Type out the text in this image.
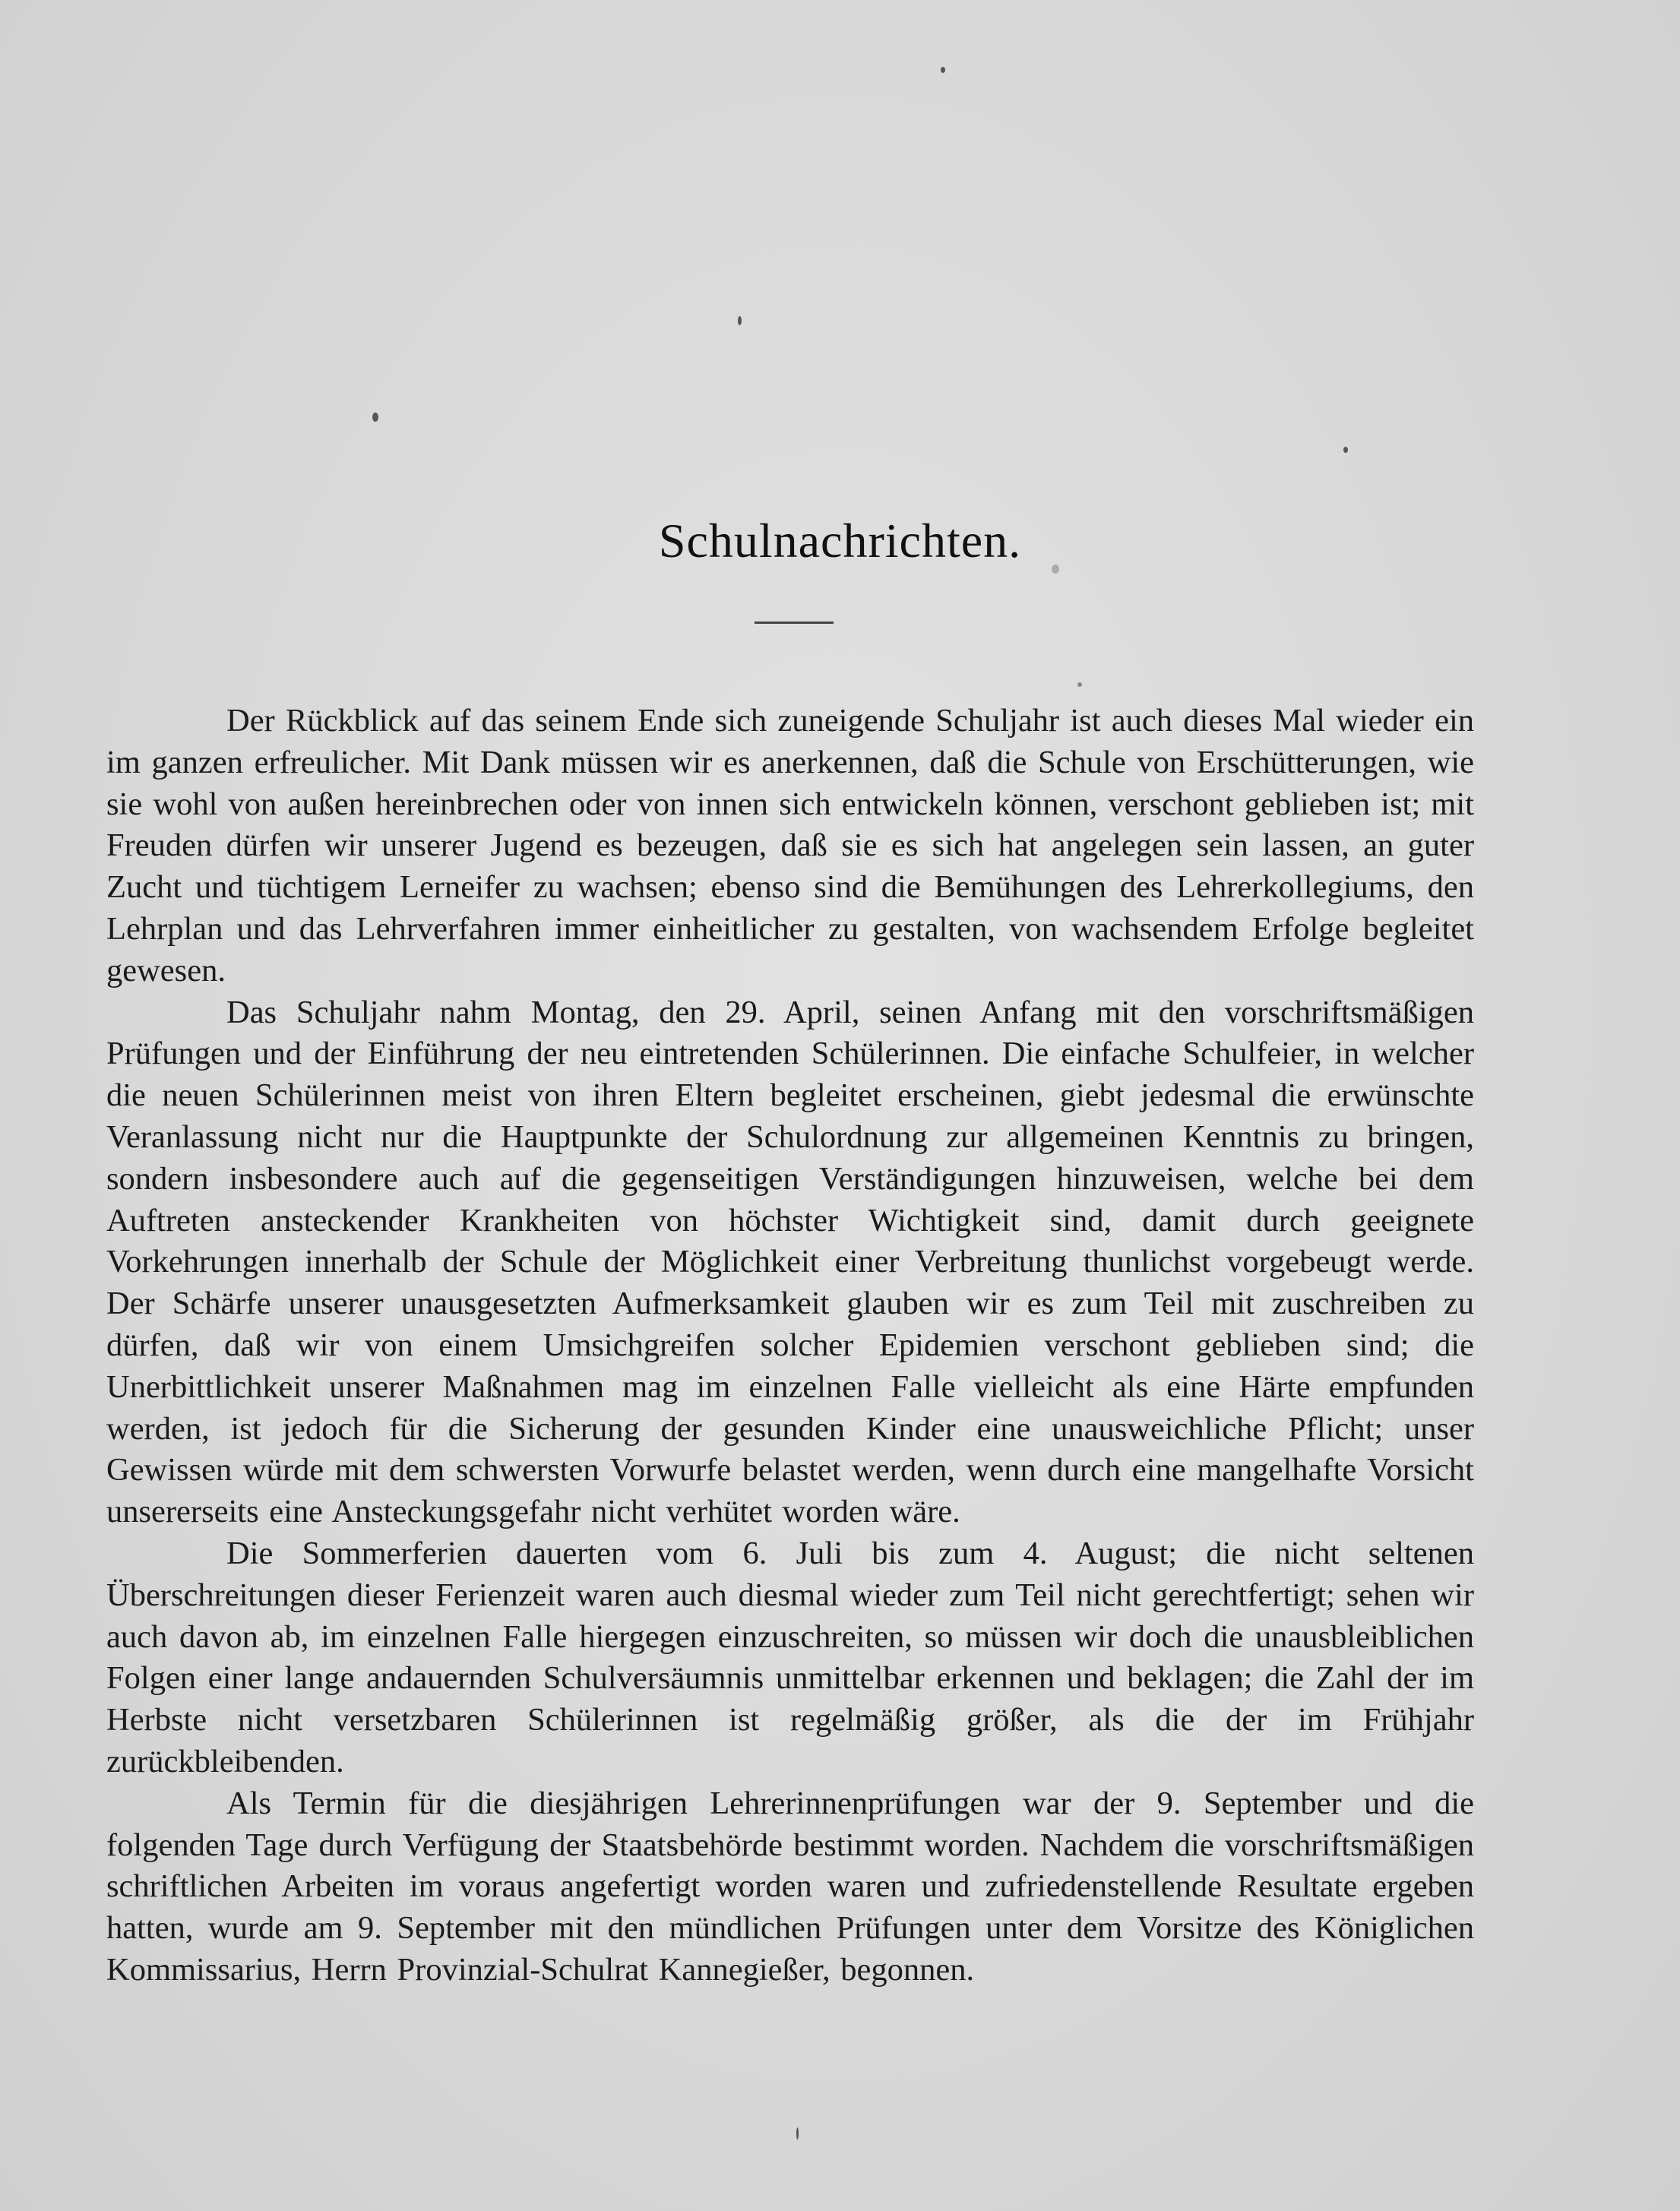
Schulnachrichten.

Der Rückblick auf das seinem Ende sich zuneigende Schuljahr ist auch dieses Mal wieder ein im ganzen erfreulicher. Mit Dank müssen wir es anerkennen, daß die Schule von Erschütterungen, wie sie wohl von außen hereinbrechen oder von innen sich entwickeln können, verschont geblieben ist; mit Freuden dürfen wir unserer Jugend es bezeugen, daß sie es sich hat angelegen sein lassen, an guter Zucht und tüchtigem Lerneifer zu wachsen; ebenso sind die Bemühungen des Lehrerkollegiums, den Lehrplan und das Lehrverfahren immer einheitlicher zu gestalten, von wachsendem Erfolge begleitet gewesen.

Das Schuljahr nahm Montag, den 29. April, seinen Anfang mit den vorschriftsmäßigen Prüfungen und der Einführung der neu eintretenden Schülerinnen. Die einfache Schulfeier, in welcher die neuen Schülerinnen meist von ihren Eltern begleitet erscheinen, giebt jedesmal die erwünschte Veranlassung nicht nur die Hauptpunkte der Schulordnung zur allgemeinen Kenntnis zu bringen, sondern insbesondere auch auf die gegenseitigen Verständigungen hinzuweisen, welche bei dem Auftreten ansteckender Krankheiten von höchster Wichtigkeit sind, damit durch geeignete Vorkehrungen innerhalb der Schule der Möglichkeit einer Verbreitung thunlichst vorgebeugt werde. Der Schärfe unserer unausgesetzten Aufmerksamkeit glauben wir es zum Teil mit zuschreiben zu dürfen, daß wir von einem Umsichgreifen solcher Epidemien verschont geblieben sind; die Unerbittlichkeit unserer Maßnahmen mag im einzelnen Falle vielleicht als eine Härte empfunden werden, ist jedoch für die Sicherung der gesunden Kinder eine unausweichliche Pflicht; unser Gewissen würde mit dem schwersten Vorwurfe belastet werden, wenn durch eine mangelhafte Vorsicht unsererseits eine Ansteckungsgefahr nicht verhütet worden wäre.

Die Sommerferien dauerten vom 6. Juli bis zum 4. August; die nicht seltenen Überschreitungen dieser Ferienzeit waren auch diesmal wieder zum Teil nicht gerechtfertigt; sehen wir auch davon ab, im einzelnen Falle hiergegen einzuschreiten, so müssen wir doch die unausbleiblichen Folgen einer lange andauernden Schulversäumnis unmittelbar erkennen und beklagen; die Zahl der im Herbste nicht versetzbaren Schülerinnen ist regelmäßig größer, als die der im Frühjahr zurückbleibenden.

Als Termin für die diesjährigen Lehrerinnenprüfungen war der 9. September und die folgenden Tage durch Verfügung der Staatsbehörde bestimmt worden. Nachdem die vorschriftsmäßigen schriftlichen Arbeiten im voraus angefertigt worden waren und zufriedenstellende Resultate ergeben hatten, wurde am 9. September mit den mündlichen Prüfungen unter dem Vorsitze des Königlichen Kommissarius, Herrn Provinzial-Schulrat Kannegießer, begonnen.
